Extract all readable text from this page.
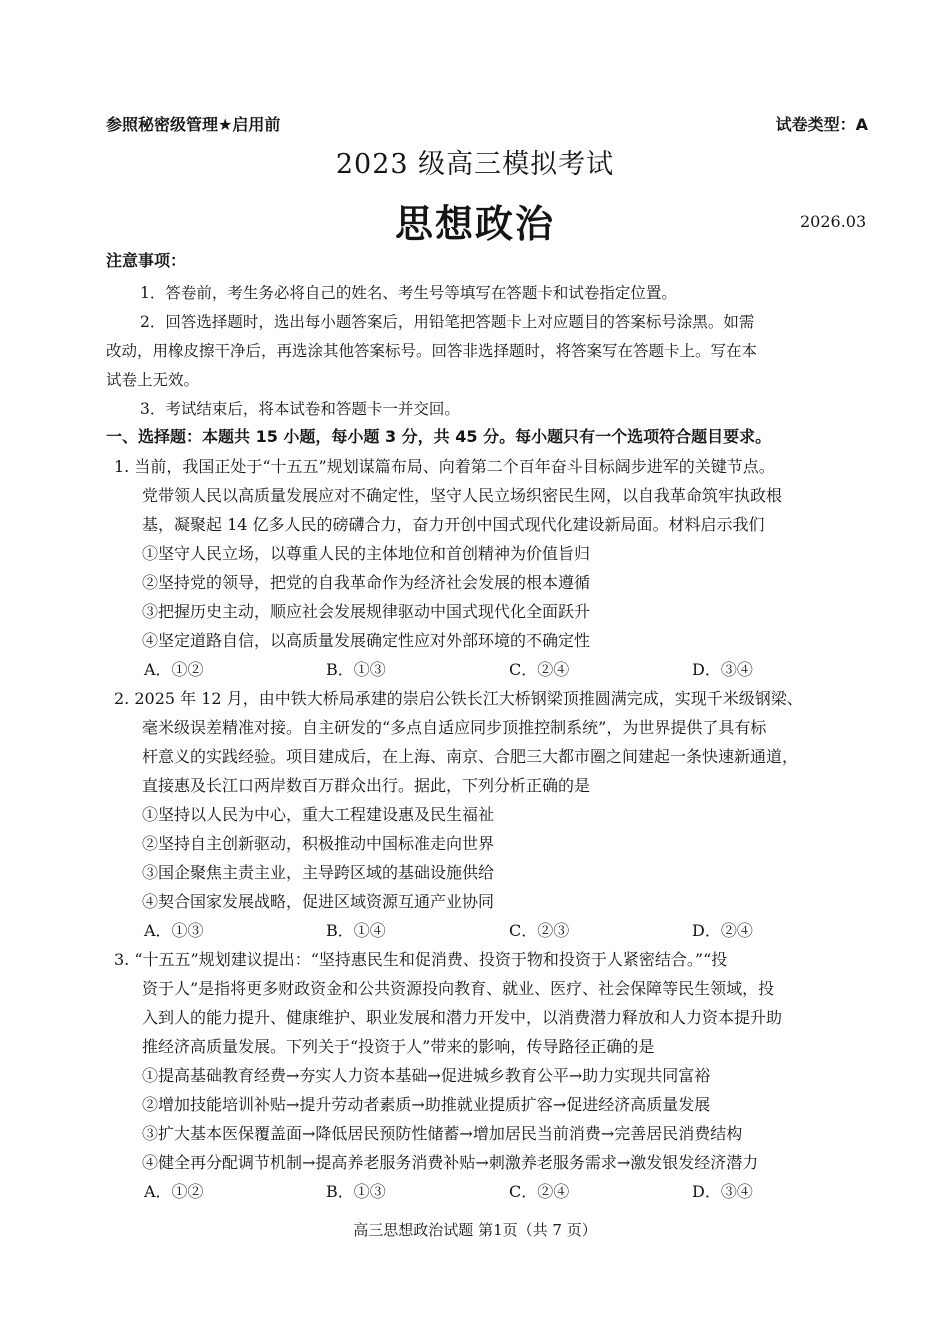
参照秘密级管理★启用前	试卷类型：A
2023 级高三模拟考试
思想政治	2026.03
注意事项：
1．答卷前，考生务必将自己的姓名、考生号等填写在答题卡和试卷指定位置。
2．回答选择题时，选出每小题答案后，用铅笔把答题卡上对应题目的答案标号涂黑。如需
改动，用橡皮擦干净后，再选涂其他答案标号。回答非选择题时，将答案写在答题卡上。写在本
试卷上无效。
3．考试结束后，将本试卷和答题卡一并交回。
一、选择题：本题共 15 小题，每小题 3 分，共 45 分。每小题只有一个选项符合题目要求。
1. 当前，我国正处于“十五五”规划谋篇布局、向着第二个百年奋斗目标阔步进军的关键节点。
党带领人民以高质量发展应对不确定性，坚守人民立场织密民生网，以自我革命筑牢执政根
基，凝聚起 14 亿多人民的磅礴合力，奋力开创中国式现代化建设新局面。材料启示我们
①坚守人民立场，以尊重人民的主体地位和首创精神为价值旨归
②坚持党的领导，把党的自我革命作为经济社会发展的根本遵循
③把握历史主动，顺应社会发展规律驱动中国式现代化全面跃升
④坚定道路自信，以高质量发展确定性应对外部环境的不确定性
A．①②	B．①③	C．②④	D．③④
2. 2025 年 12 月，由中铁大桥局承建的崇启公铁长江大桥钢梁顶推圆满完成，实现千米级钢梁、
毫米级误差精准对接。自主研发的“多点自适应同步顶推控制系统”，为世界提供了具有标
杆意义的实践经验。项目建成后，在上海、南京、合肥三大都市圈之间建起一条快速新通道，
直接惠及长江口两岸数百万群众出行。据此，下列分析正确的是
①坚持以人民为中心，重大工程建设惠及民生福祉
②坚持自主创新驱动，积极推动中国标准走向世界
③国企聚焦主责主业，主导跨区域的基础设施供给
④契合国家发展战略，促进区域资源互通产业协同
A．①③	B．①④	C．②③	D．②④
3. “十五五”规划建议提出：“坚持惠民生和促消费、投资于物和投资于人紧密结合。”“投
资于人”是指将更多财政资金和公共资源投向教育、就业、医疗、社会保障等民生领域，投
入到人的能力提升、健康维护、职业发展和潜力开发中，以消费潜力释放和人力资本提升助
推经济高质量发展。下列关于“投资于人”带来的影响，传导路径正确的是
①提高基础教育经费→夯实人力资本基础→促进城乡教育公平→助力实现共同富裕
②增加技能培训补贴→提升劳动者素质→助推就业提质扩容→促进经济高质量发展
③扩大基本医保覆盖面→降低居民预防性储蓄→增加居民当前消费→完善居民消费结构
④健全再分配调节机制→提高养老服务消费补贴→刺激养老服务需求→激发银发经济潜力
A．①②	B．①③	C．②④	D．③④
高三思想政治试题 第1页（共 7 页）
